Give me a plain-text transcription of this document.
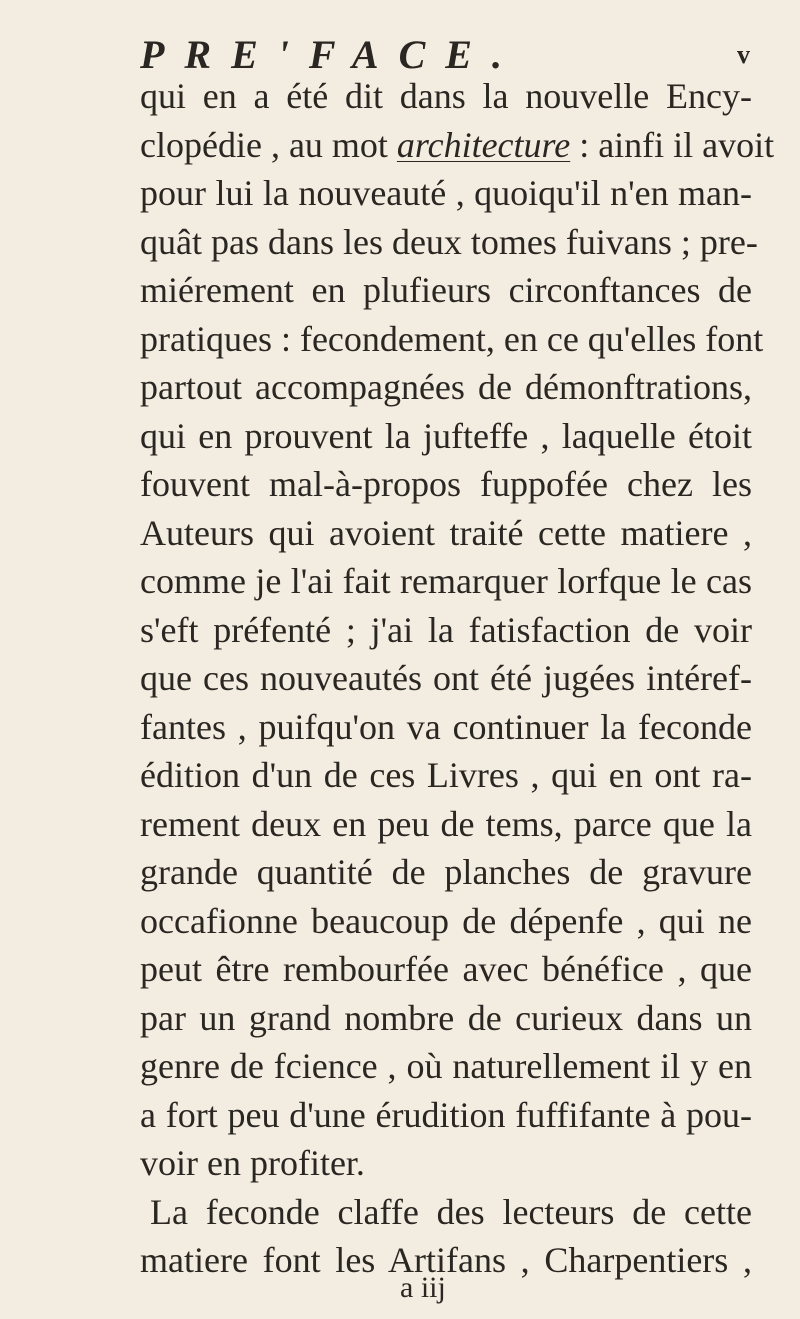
PRE'FACE.	v
qui en a été dit dans la nouvelle Ency-
clopédie , au mot architecture : ainfi il avoit
pour lui la nouveauté , quoiqu'il n'en man-
quât pas dans les deux tomes fuivans ; pre-
miérement en plufieurs circonftances de
pratiques : fecondement, en ce qu'elles font
partout accompagnées de démonftrations,
qui en prouvent la jufteffe , laquelle étoit
fouvent mal-à-propos fuppofée chez les
Auteurs qui avoient traité cette matiere ,
comme je l'ai fait remarquer lorfque le cas
s'eft préfenté ; j'ai la fatisfaction de voir
que ces nouveautés ont été jugées intéref-
fantes , puifqu'on va continuer la feconde
édition d'un de ces Livres , qui en ont ra-
rement deux en peu de tems, parce que la
grande quantité de planches de gravure
occafionne beaucoup de dépenfe , qui ne
peut être rembourfée avec bénéfice , que
par un grand nombre de curieux dans un
genre de fcience , où naturellement il y en
a fort peu d'une érudition fuffifante à pou-
voir en profiter.
La feconde claffe des lecteurs de cette
matiere font les Artifans , Charpentiers ,
a iij
